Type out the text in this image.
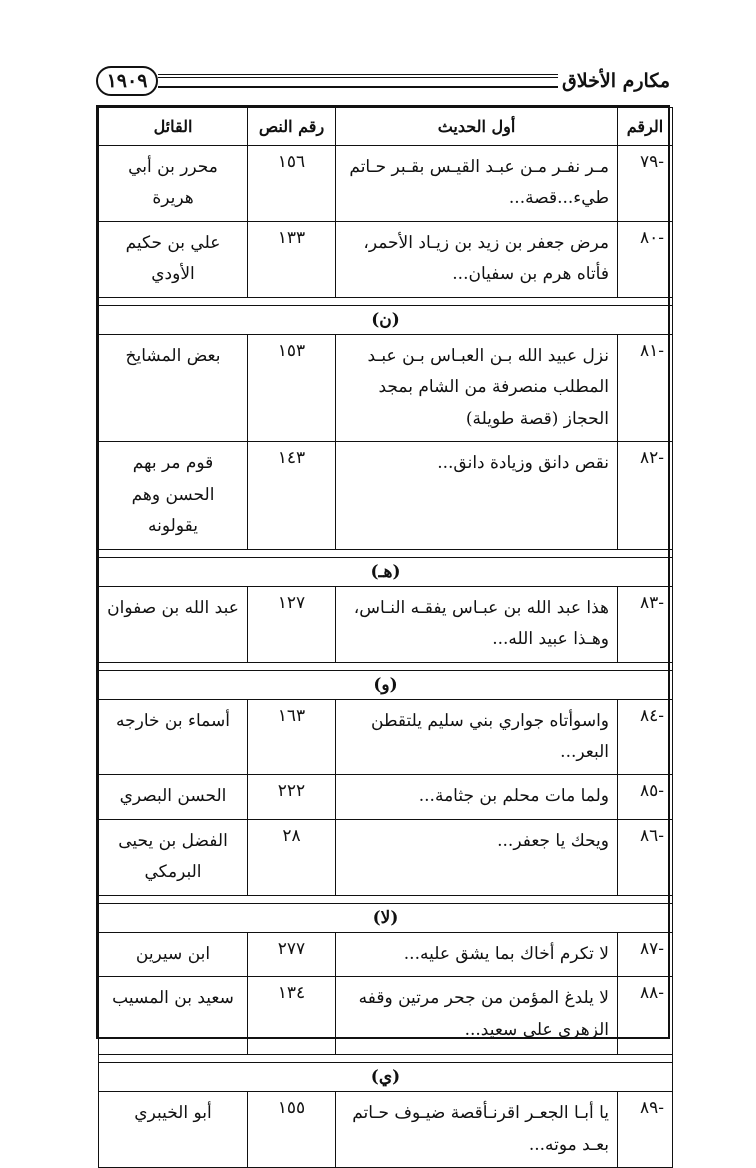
١٩٠٩	مكارم الأخلاق
الرقم	أول الحديث	رقم النص	القائل
-٧٩	مـر نفـر مـن عبـد القيـس بقـبر حـاتم طيء...قصة...	١٥٦	محرر بن أبي هريرة
-٨٠	مرض جعفر بن زيد بن زيـاد الأحمر، فأتاه هرم بن سفيان...	١٣٣	علي بن حكيم الأودي

(ن)			
-٨١	نزل عبيد الله بـن العبـاس بـن عبـد المطلب منصرفة من الشام بمجد الحجاز (قصة طويلة)	١٥٣	بعض المشايخ
-٨٢	نقص دانق وزيادة دانق...	١٤٣	قوم مر بهم الحسن وهم يقولونه

(هـ)			
-٨٣	هذا عبد الله بن عبـاس يفقـه النـاس، وهـذا عبيد الله...	١٢٧	عبد الله بن صفوان

(و)			
-٨٤	واسوأتاه جواري بني سليم يلتقطن البعر...	١٦٣	أسماء بن خارجه
-٨٥	ولما مات محلم بن جثامة...	٢٢٢	الحسن البصري
-٨٦	ويحك يا جعفر...	٢٨	الفضل بن يحيى البرمكي

(لا)			
-٨٧	لا تكرم أخاك بما يشق عليه...	٢٧٧	ابن سيرين
-٨٨	لا يلدغ المؤمن من جحر مرتين وقفه الزهري على سعيد...	١٣٤	سعيد بن المسيب

(ي)			
-٨٩	يا أبـا الجعـر اقرنـأقصة ضيـوف حـاتم بعـد موته...	١٥٥	أبو الخيبري
